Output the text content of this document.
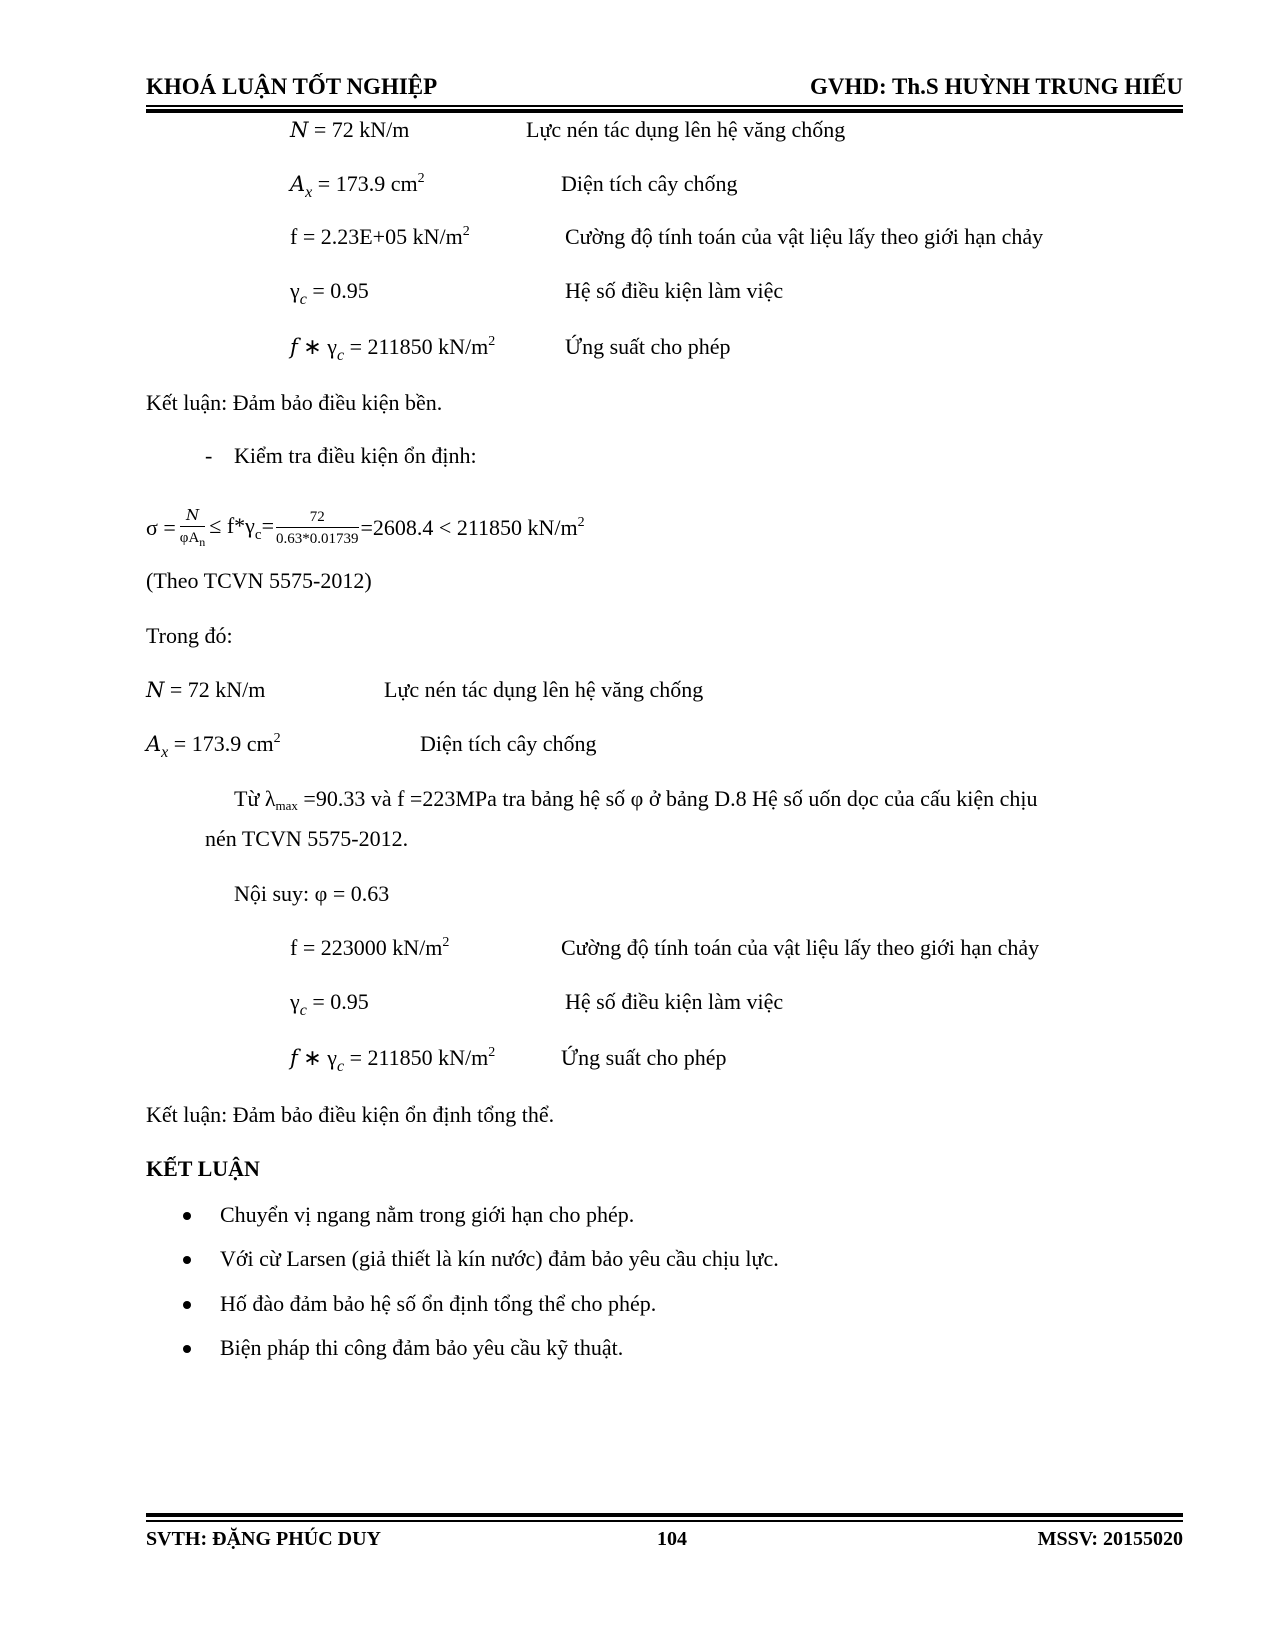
KHOÁ LUẬN TỐT NGHIỆP	GVHD: Th.S HUỲNH TRUNG HIẾU
N = 72 kN/m	Lực nén tác dụng lên hệ văng chống
$A_x = 173.9$ $cm^2$	Diện tích cây chống
f = 2.23E+05 $kN/m^2$	Cường độ tính toán của vật liệu lấy theo giới hạn chảy
$\gamma_c = 0.95$	Hệ số điều kiện làm việc
f ∗ $\gamma_c = 211850$ $kN/m^2$	Ứng suất cho phép
Kết luận: Đảm bảo điều kiện bền.
- Kiểm tra điều kiện ổn định:
$\sigma = \frac{N}{\varphi A_n} \le f*\gamma_c= \frac{72}{0.63*0.01739} =2608.4 < 211850$ $kN/m^2$
(Theo TCVN 5575-2012)
Trong đó:
N = 72 kN/m	Lực nén tác dụng lên hệ văng chống
$A_x = 173.9$ $cm^2$	Diện tích cây chống
Từ λmax =90.33 và f =223MPa tra bảng hệ số φ ở bảng D.8 Hệ số uốn dọc của cấu kiện chịu
nén TCVN 5575-2012.
Nội suy: φ = 0.63
f = 223000 $kN/m^2$	Cường độ tính toán của vật liệu lấy theo giới hạn chảy
$\gamma_c = 0.95$	Hệ số điều kiện làm việc
f ∗ $\gamma_c = 211850$ $kN/m^2$	Ứng suất cho phép
Kết luận: Đảm bảo điều kiện ổn định tổng thể.
KẾT LUẬN
Chuyển vị ngang nằm trong giới hạn cho phép.
Với cừ Larsen (giả thiết là kín nước) đảm bảo yêu cầu chịu lực.
Hố đào đảm bảo hệ số ổn định tổng thể cho phép.
Biện pháp thi công đảm bảo yêu cầu kỹ thuật.
SVTH: ĐẶNG PHÚC DUY	104	MSSV: 20155020
